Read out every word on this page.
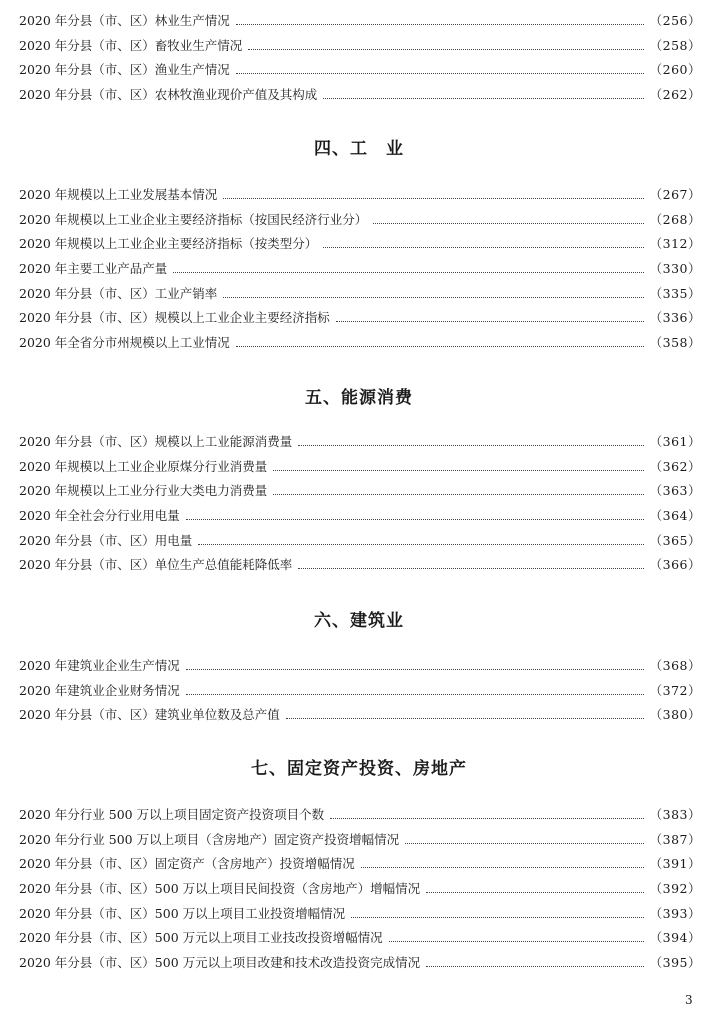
2020 年分县（市、区）林业生产情况	（256）
2020 年分县（市、区）畜牧业生产情况	（258）
2020 年分县（市、区）渔业生产情况	（260）
2020 年分县（市、区）农林牧渔业现价产值及其构成	（262）
四、工　业
2020 年规模以上工业发展基本情况	（267）
2020 年规模以上工业企业主要经济指标（按国民经济行业分）	（268）
2020 年规模以上工业企业主要经济指标（按类型分）	（312）
2020 年主要工业产品产量	（330）
2020 年分县（市、区）工业产销率	（335）
2020 年分县（市、区）规模以上工业企业主要经济指标	（336）
2020 年全省分市州规模以上工业情况	（358）
五、能源消费
2020 年分县（市、区）规模以上工业能源消费量	（361）
2020 年规模以上工业企业原煤分行业消费量	（362）
2020 年规模以上工业分行业大类电力消费量	（363）
2020 年全社会分行业用电量	（364）
2020 年分县（市、区）用电量	（365）
2020 年分县（市、区）单位生产总值能耗降低率	（366）
六、建筑业
2020 年建筑业企业生产情况	（368）
2020 年建筑业企业财务情况	（372）
2020 年分县（市、区）建筑业单位数及总产值	（380）
七、固定资产投资、房地产
2020 年分行业 500 万以上项目固定资产投资项目个数	（383）
2020 年分行业 500 万以上项目（含房地产）固定资产投资增幅情况	（387）
2020 年分县（市、区）固定资产（含房地产）投资增幅情况	（391）
2020 年分县（市、区）500 万以上项目民间投资（含房地产）增幅情况	（392）
2020 年分县（市、区）500 万以上项目工业投资增幅情况	（393）
2020 年分县（市、区）500 万元以上项目工业技改投资增幅情况	（394）
2020 年分县（市、区）500 万元以上项目改建和技术改造投资完成情况	（395）
3
